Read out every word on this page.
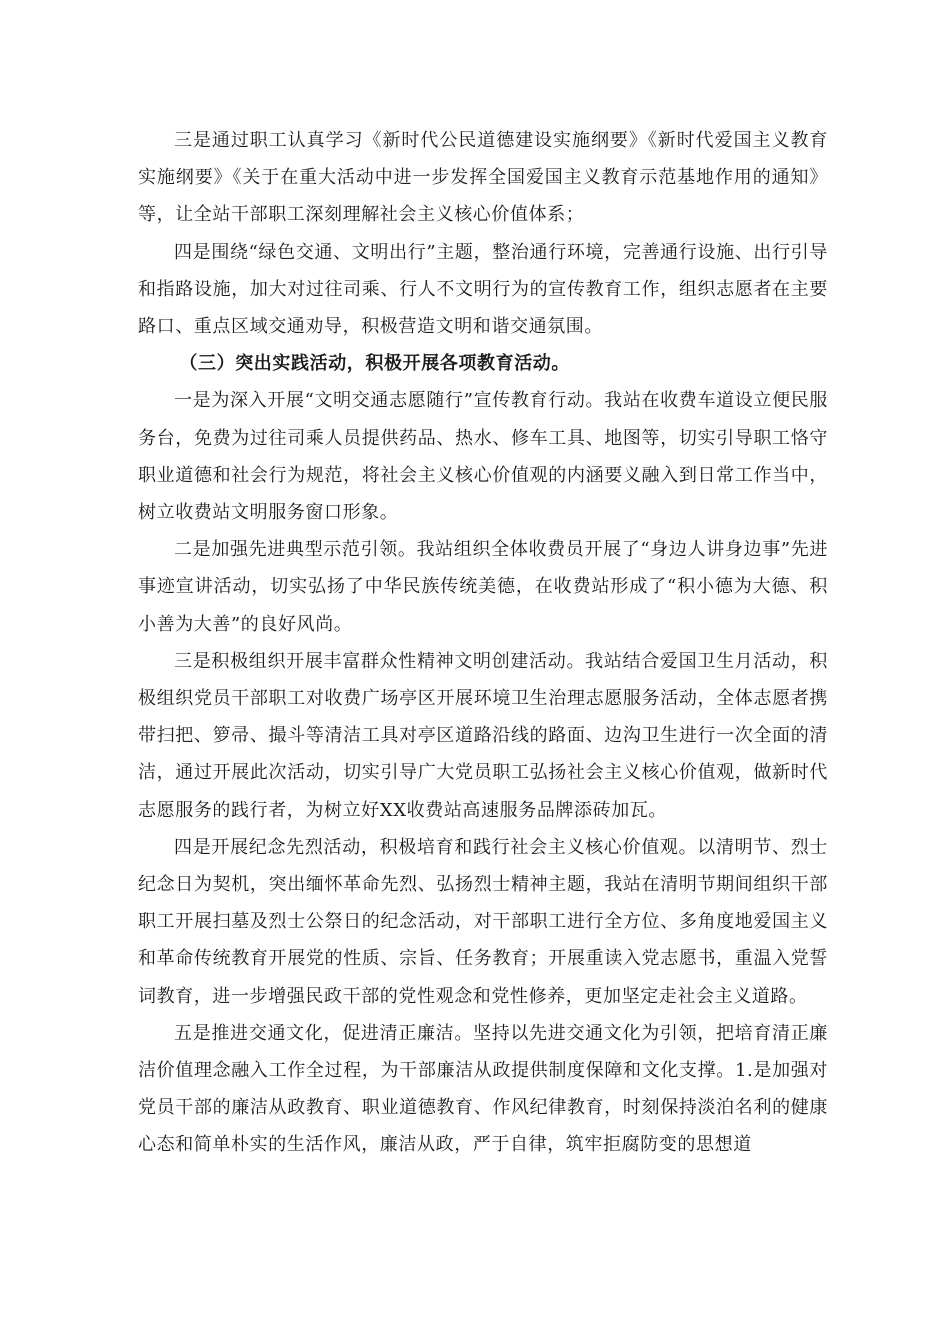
三是通过职工认真学习《新时代公民道德建设实施纲要》《新时代爱国主义教育实施纲要》《关于在重大活动中进一步发挥全国爱国主义教育示范基地作用的通知》等，让全站干部职工深刻理解社会主义核心价值体系；

四是围绕“绿色交通、文明出行”主题，整治通行环境，完善通行设施、出行引导和指路设施，加大对过往司乘、行人不文明行为的宣传教育工作，组织志愿者在主要路口、重点区域交通劝导，积极营造文明和谐交通氛围。

（三）突出实践活动，积极开展各项教育活动。

一是为深入开展“文明交通志愿随行”宣传教育行动。我站在收费车道设立便民服务台，免费为过往司乘人员提供药品、热水、修车工具、地图等，切实引导职工恪守职业道德和社会行为规范，将社会主义核心价值观的内涵要义融入到日常工作当中，树立收费站文明服务窗口形象。

二是加强先进典型示范引领。我站组织全体收费员开展了“身边人讲身边事”先进事迹宣讲活动，切实弘扬了中华民族传统美德，在收费站形成了“积小德为大德、积小善为大善”的良好风尚。

三是积极组织开展丰富群众性精神文明创建活动。我站结合爱国卫生月活动，积极组织党员干部职工对收费广场亭区开展环境卫生治理志愿服务活动，全体志愿者携带扫把、箩帚、撮斗等清洁工具对亭区道路沿线的路面、边沟卫生进行一次全面的清洁，通过开展此次活动，切实引导广大党员职工弘扬社会主义核心价值观，做新时代志愿服务的践行者，为树立好XX收费站高速服务品牌添砖加瓦。

四是开展纪念先烈活动，积极培育和践行社会主义核心价值观。以清明节、烈士纪念日为契机，突出缅怀革命先烈、弘扬烈士精神主题，我站在清明节期间组织干部职工开展扫墓及烈士公祭日的纪念活动，对干部职工进行全方位、多角度地爱国主义和革命传统教育开展党的性质、宗旨、任务教育；开展重读入党志愿书，重温入党誓词教育，进一步增强民政干部的党性观念和党性修养，更加坚定走社会主义道路。

五是推进交通文化，促进清正廉洁。坚持以先进交通文化为引领，把培育清正廉洁价值理念融入工作全过程，为干部廉洁从政提供制度保障和文化支撑。1.是加强对党员干部的廉洁从政教育、职业道德教育、作风纪律教育，时刻保持淡泊名利的健康心态和简单朴实的生活作风，廉洁从政，严于自律，筑牢拒腐防变的思想道
